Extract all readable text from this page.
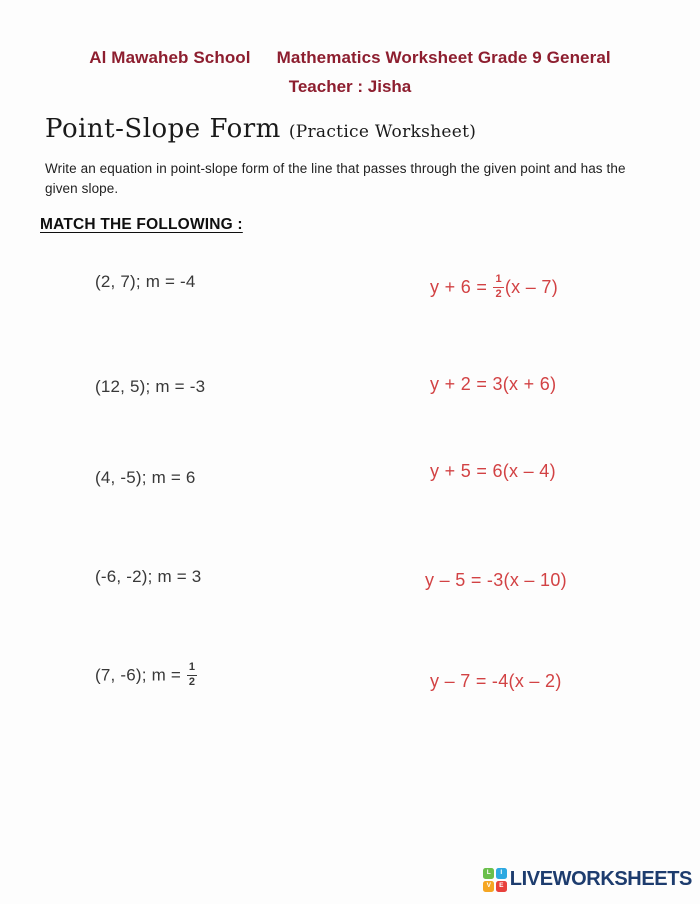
Al Mawaheb School Mathematics Worksheet Grade 9 General
Teacher : Jisha
Point-Slope Form (Practice Worksheet)

Write an equation in point-slope form of the line that passes through the given point and has the given slope.

MATCH THE FOLLOWING :
(2, 7); m = -4
(12, 5); m = -3
(4, -5); m = 6
(-6, -2); m = 3
(7, -6); $m = \frac{1}{2}$
$y + 6 = \frac{1}{2} (x - 7)$
y + 2 = 3(x + 6)
y + 5 = 6(x – 4)
y – 5 = -3(x – 10)
y – 7 = -4(x – 2)
L	I
V	E LIVEWORKSHEETS
